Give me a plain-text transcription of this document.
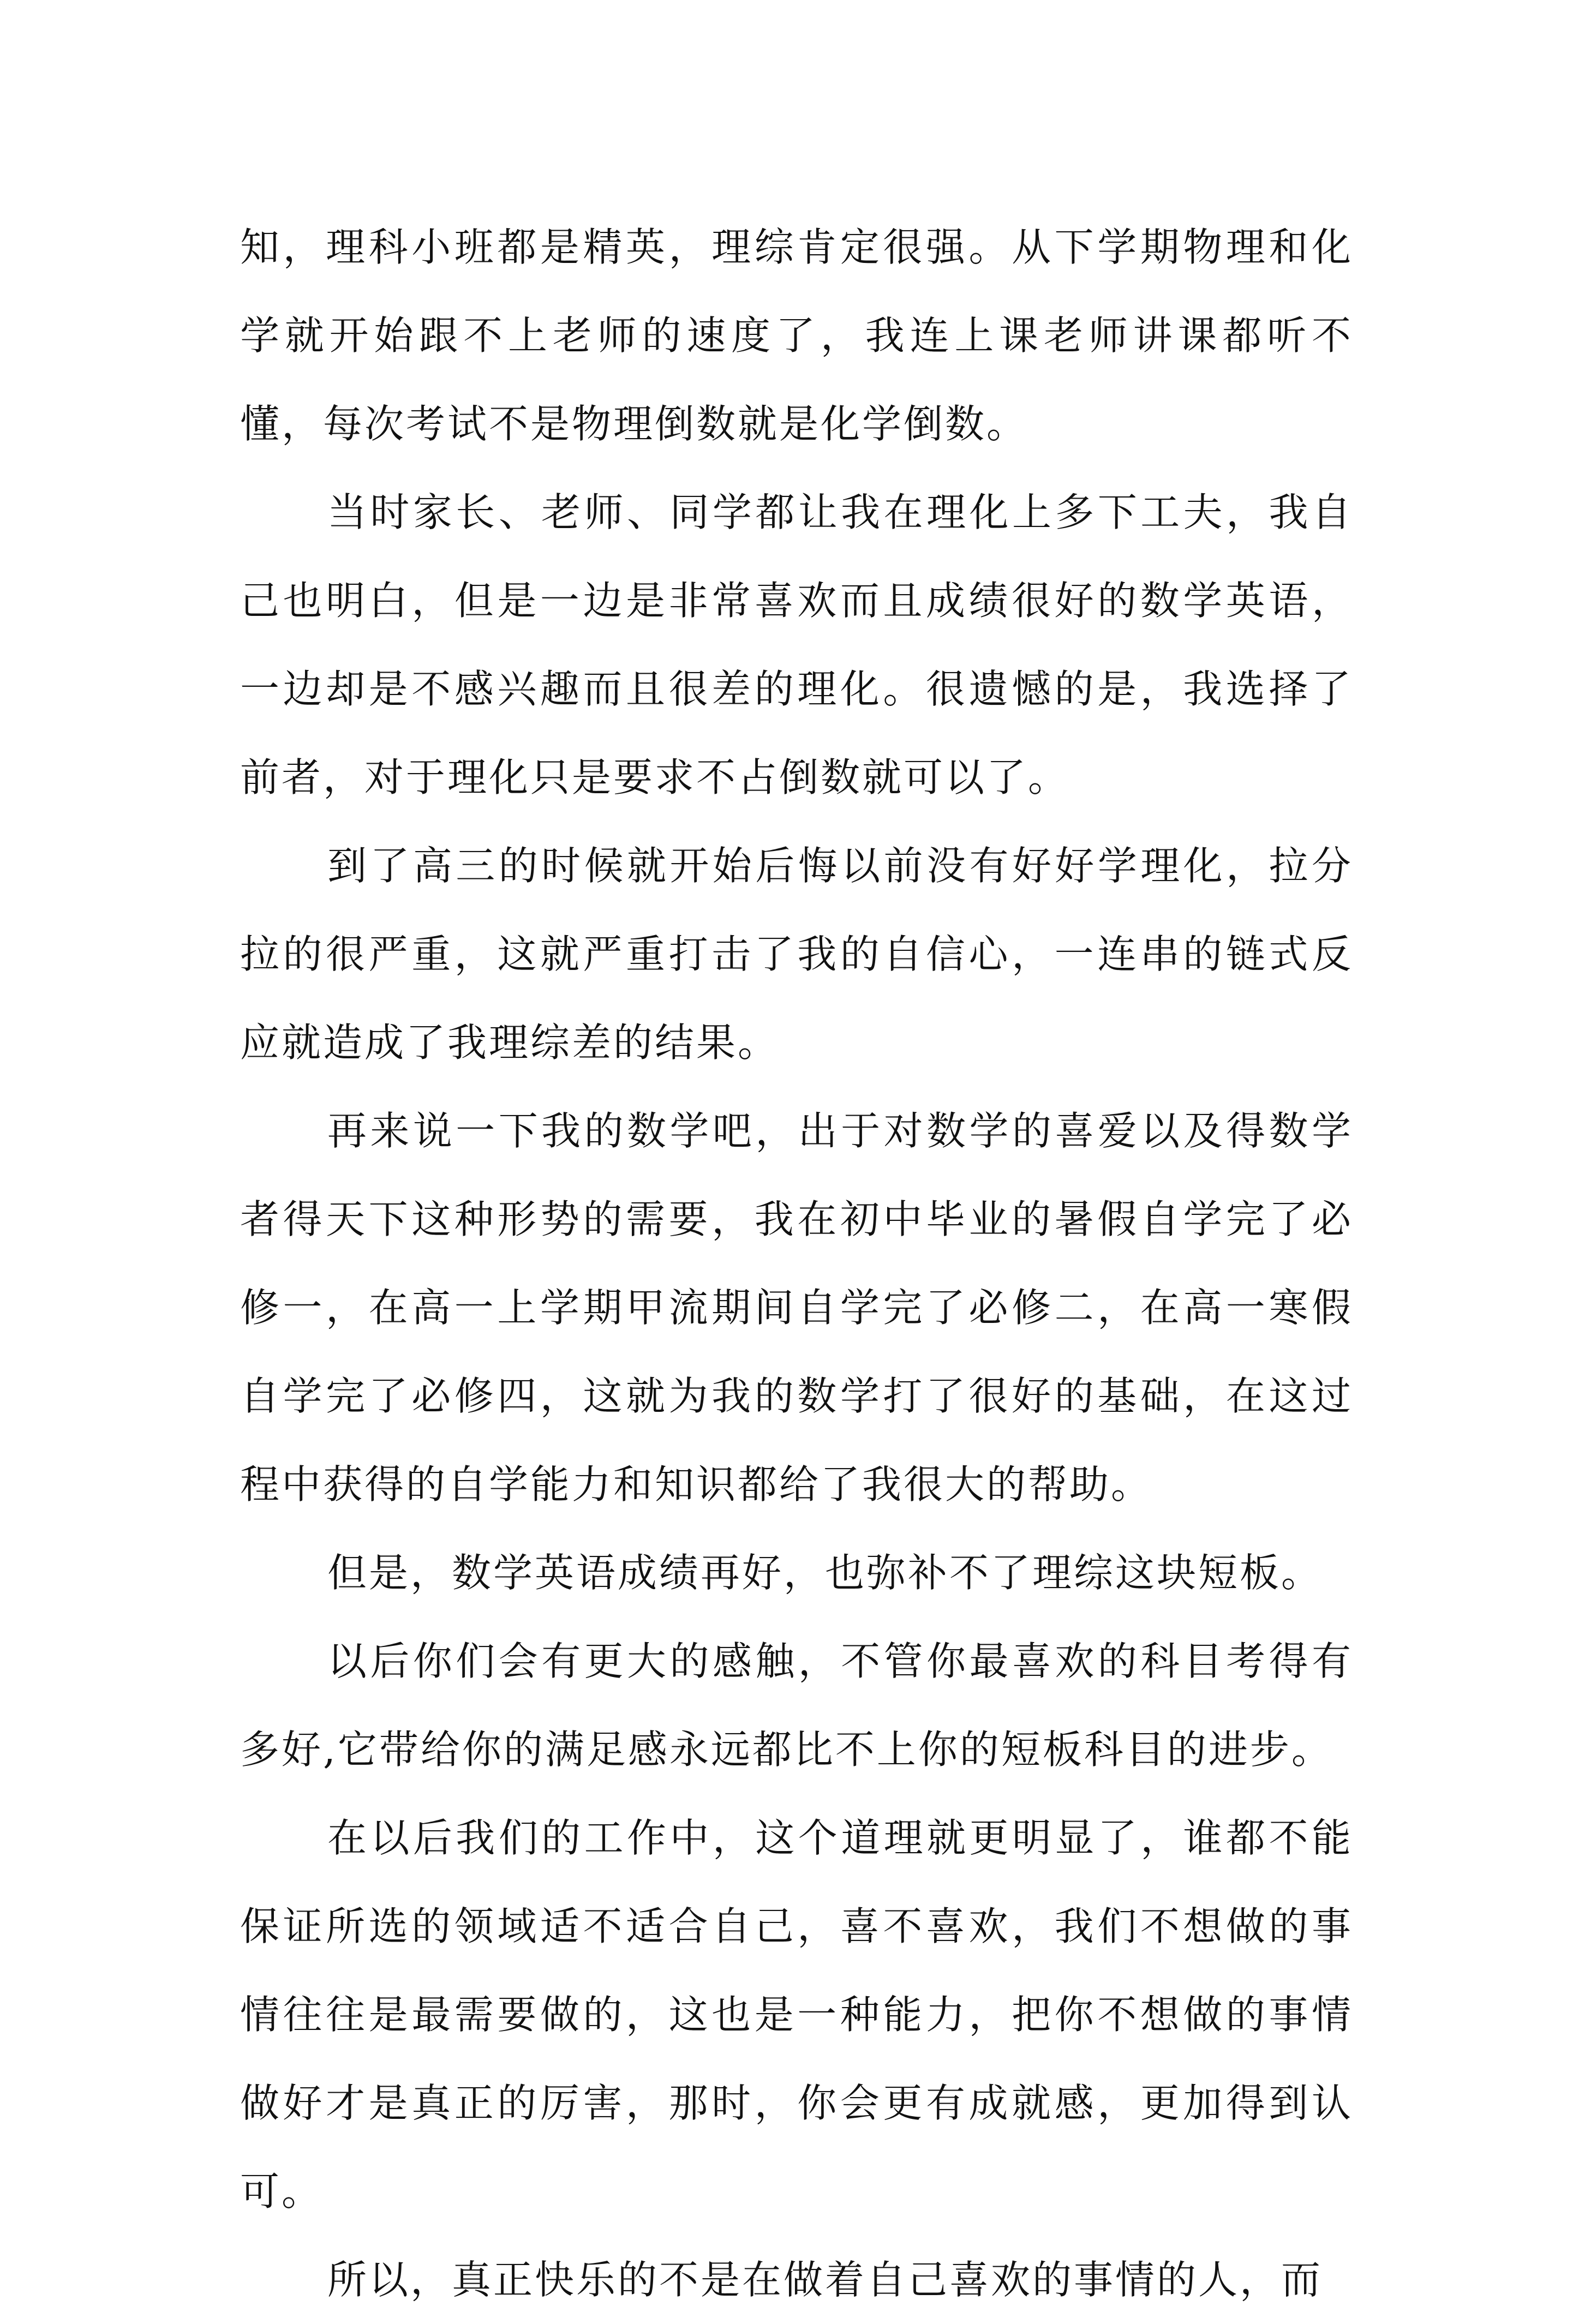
知，理科小班都是精英，理综肯定很强。从下学期物理和化学就开始跟不上老师的速度了，我连上课老师讲课都听不懂，每次考试不是物理倒数就是化学倒数。

当时家长、老师、同学都让我在理化上多下工夫，我自己也明白，但是一边是非常喜欢而且成绩很好的数学英语，一边却是不感兴趣而且很差的理化。很遗憾的是，我选择了前者，对于理化只是要求不占倒数就可以了。

到了高三的时候就开始后悔以前没有好好学理化，拉分拉的很严重，这就严重打击了我的自信心，一连串的链式反应就造成了我理综差的结果。

再来说一下我的数学吧，出于对数学的喜爱以及得数学者得天下这种形势的需要，我在初中毕业的暑假自学完了必修一，在高一上学期甲流期间自学完了必修二，在高一寒假自学完了必修四，这就为我的数学打了很好的基础，在这过程中获得的自学能力和知识都给了我很大的帮助。

但是，数学英语成绩再好，也弥补不了理综这块短板。

以后你们会有更大的感触，不管你最喜欢的科目考得有多好,它带给你的满足感永远都比不上你的短板科目的进步。

在以后我们的工作中，这个道理就更明显了，谁都不能保证所选的领域适不适合自己，喜不喜欢，我们不想做的事情往往是最需要做的，这也是一种能力，把你不想做的事情做好才是真正的厉害，那时，你会更有成就感，更加得到认可。

所以，真正快乐的不是在做着自己喜欢的事情的人，而
